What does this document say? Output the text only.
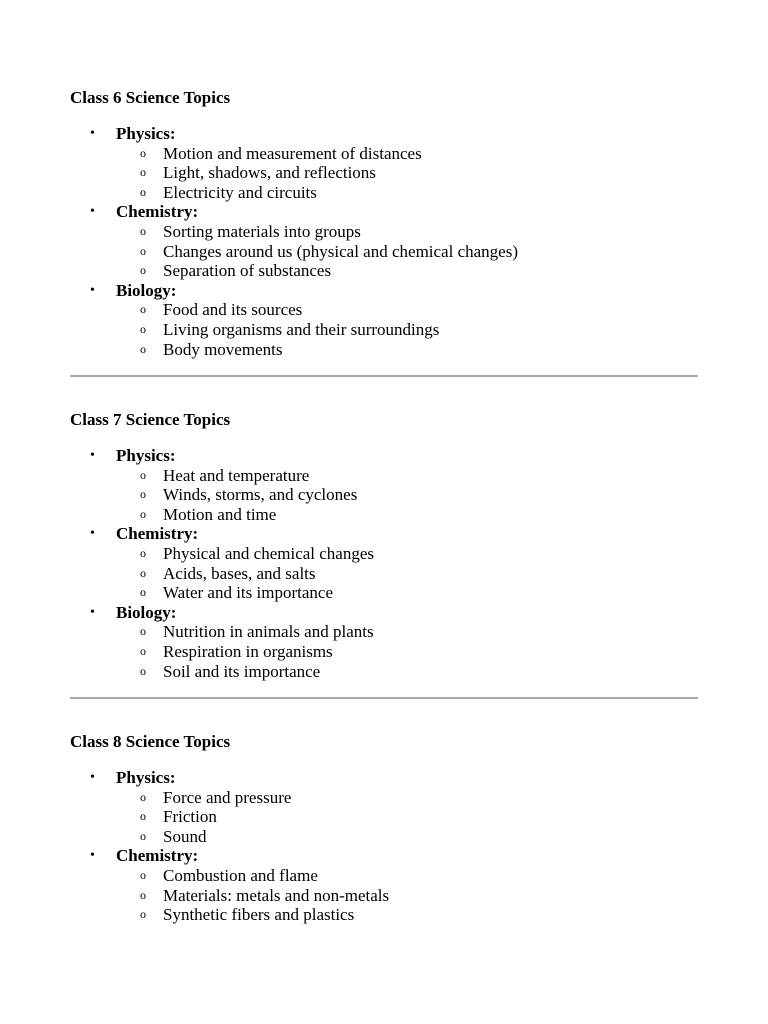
Class 6 Science Topics
• Physics:
o Motion and measurement of distances
o Light, shadows, and reflections
o Electricity and circuits
• Chemistry:
o Sorting materials into groups
o Changes around us (physical and chemical changes)
o Separation of substances
• Biology:
o Food and its sources
o Living organisms and their surroundings
o Body movements
Class 7 Science Topics
• Physics:
o Heat and temperature
o Winds, storms, and cyclones
o Motion and time
• Chemistry:
o Physical and chemical changes
o Acids, bases, and salts
o Water and its importance
• Biology:
o Nutrition in animals and plants
o Respiration in organisms
o Soil and its importance
Class 8 Science Topics
• Physics:
o Force and pressure
o Friction
o Sound
• Chemistry:
o Combustion and flame
o Materials: metals and non-metals
o Synthetic fibers and plastics
